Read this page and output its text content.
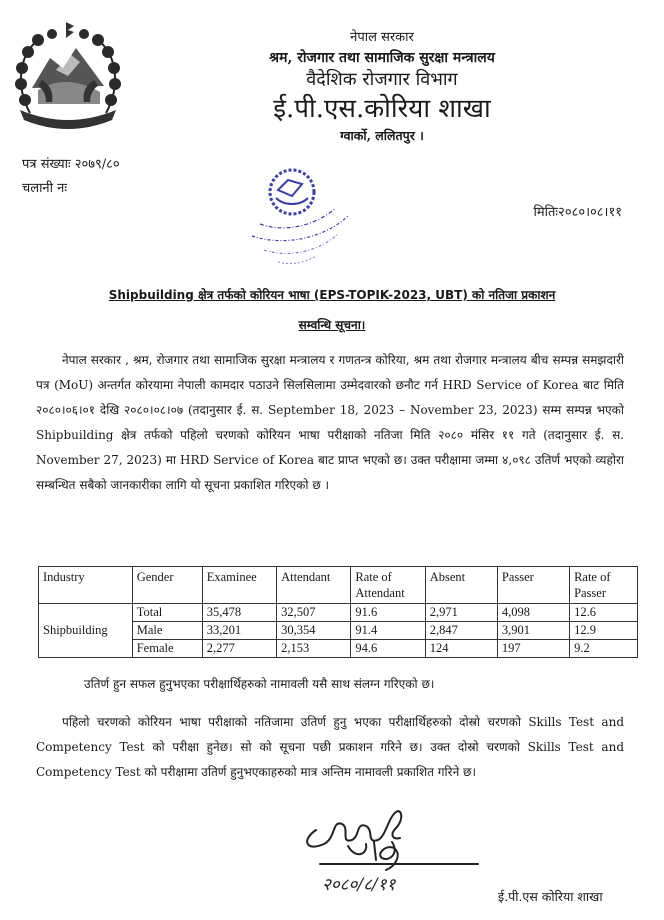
नेपाल सरकार
श्रम, रोजगार तथा सामाजिक सुरक्षा मन्त्रालय
वैदेशिक रोजगार विभाग
ई.पी.एस.कोरिया शाखा
ग्वार्को, ललितपुर ।
पत्र संख्याः २०७९/८०
चलानी नः
मितिः२०८०।०८।११
Shipbuilding क्षेत्र तर्फको कोरियन भाषा (EPS-TOPIK-2023, UBT) को नतिजा प्रकाशन
सम्वन्धि सूचना।
नेपाल सरकार , श्रम, रोजगार तथा सामाजिक सुरक्षा मन्त्रालय र गणतन्त्र कोरिया, श्रम तथा रोजगार मन्त्रालय बीच सम्पन्न समझदारी पत्र (MoU) अन्तर्गत कोरयामा नेपाली कामदार पठाउने सिलसिलामा उम्मेदवारको छनौट गर्न HRD Service of Korea बाट मिति २०८०।०६।०१ देखि २०८०।०८।०७ (तदानुसार ई. स. September 18, 2023 – November 23, 2023) सम्म सम्पन्न भएको Shipbuilding क्षेत्र तर्फको पहिलो चरणको कोरियन भाषा परीक्षाको नतिजा मिति २०८० मंसिर ११ गते (तदानुसार ई. स. November 27, 2023) मा HRD Service of Korea बाट प्राप्त भएको छ। उक्त परीक्षामा जम्मा ४,०९८ उतिर्ण भएको व्यहोरा सम्बन्धित सबैको जानकारीका लागि यो सूचना प्रकाशित गरिएको छ ।
Industry	Gender	Examinee	Attendant	Rate of Attendant	Absent	Passer	Rate of Passer
Shipbuilding	Total	35,478	32,507	91.6	2,971	4,098	12.6
	Male	33,201	30,354	91.4	2,847	3,901	12.9
	Female	2,277	2,153	94.6	124	197	9.2
उतिर्ण हुन सफल हुनुभएका परीक्षार्थिहरुको नामावली यसै साथ संलग्न गरिएको छ।
पहिलो चरणको कोरियन भाषा परीक्षाको नतिजामा उतिर्ण हुनु भएका परीक्षार्थिहरुको दोस्रो चरणको Skills Test and Competency Test को परीक्षा हुनेछ। सो को सूचना पछी प्रकाशन गरिने छ। उक्त दोस्रो चरणको Skills Test and Competency Test को परीक्षामा उतिर्ण हुनुभएकाहरुको मात्र अन्तिम नामावली प्रकाशित गरिने छ।
२०८०/८/११
ई.पी.एस कोरिया शाखा
